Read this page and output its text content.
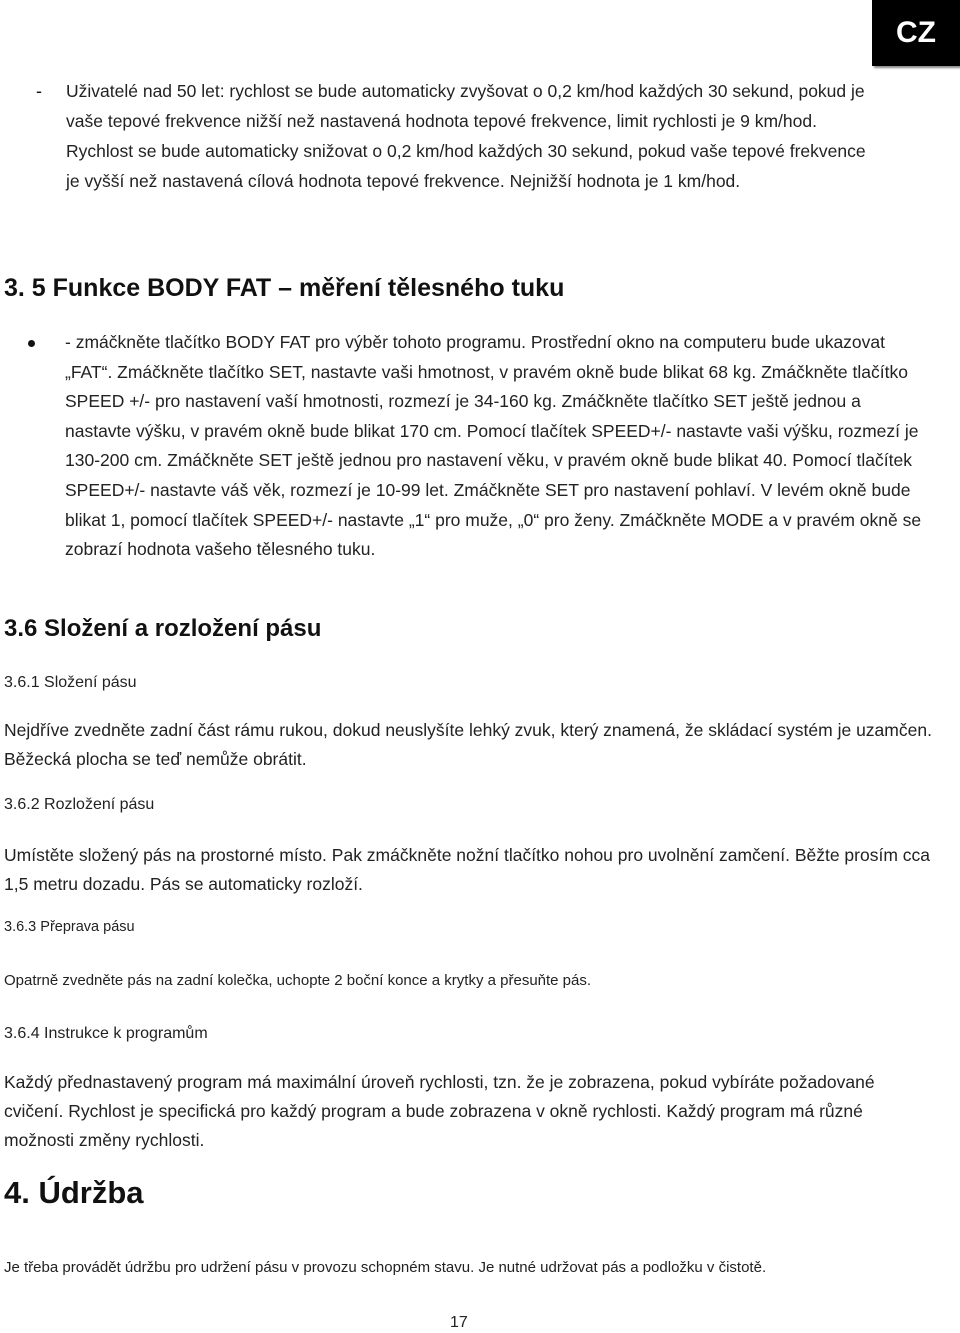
CZ
- Uživatelé nad 50 let: rychlost se bude automaticky zvyšovat o 0,2 km/hod každých 30 sekund, pokud je vaše tepové frekvence nižší než nastavená hodnota tepové frekvence, limit rychlosti je 9 km/hod. Rychlost se bude automaticky snižovat o 0,2 km/hod každých 30 sekund, pokud vaše tepové frekvence je vyšší než nastavená cílová hodnota tepové frekvence. Nejnižší hodnota je 1 km/hod.
3. 5 Funkce BODY FAT – měření tělesného tuku
- zmáčkněte tlačítko BODY FAT pro výběr tohoto programu. Prostřední okno na computeru bude ukazovat „FAT“. Zmáčkněte tlačítko SET, nastavte vaši hmotnost, v pravém okně bude blikat 68 kg. Zmáčkněte tlačítko SPEED +/- pro nastavení vaší hmotnosti, rozmezí je 34-160 kg. Zmáčkněte tlačítko SET ještě jednou a nastavte výšku, v pravém okně bude blikat 170 cm. Pomocí tlačítek SPEED+/- nastavte vaši výšku, rozmezí je 130-200 cm. Zmáčkněte SET ještě jednou pro nastavení věku, v pravém okně bude blikat 40. Pomocí tlačítek SPEED+/- nastavte váš věk, rozmezí je 10-99 let. Zmáčkněte SET pro nastavení pohlaví. V levém okně bude blikat 1, pomocí tlačítek SPEED+/- nastavte „1“ pro muže, „0“ pro ženy. Zmáčkněte MODE a v pravém okně se zobrazí hodnota vašeho tělesného tuku.
3.6 Složení a rozložení pásu

3.6.1 Složení pásu

Nejdříve zvedněte zadní část rámu rukou, dokud neuslyšíte lehký zvuk, který znamená, že skládací systém je uzamčen. Běžecká plocha se teď nemůže obrátit.

3.6.2 Rozložení pásu

Umístěte složený pás na prostorné místo. Pak zmáčkněte nožní tlačítko nohou pro uvolnění zamčení. Běžte prosím cca 1,5 metru dozadu. Pás se automaticky rozloží.

3.6.3 Přeprava pásu

Opatrně zvedněte pás na zadní kolečka, uchopte 2 boční konce a krytky a přesuňte pás.

3.6.4 Instrukce k programům

Každý přednastavený program má maximální úroveň rychlosti, tzn. že je zobrazena, pokud vybíráte požadované cvičení. Rychlost je specifická pro každý program a bude zobrazena v okně rychlosti. Každý program má různé možnosti změny rychlosti.

4. Údržba

Je třeba provádět údržbu pro udržení pásu v provozu schopném stavu. Je nutné udržovat pás a podložku v čistotě.

17
